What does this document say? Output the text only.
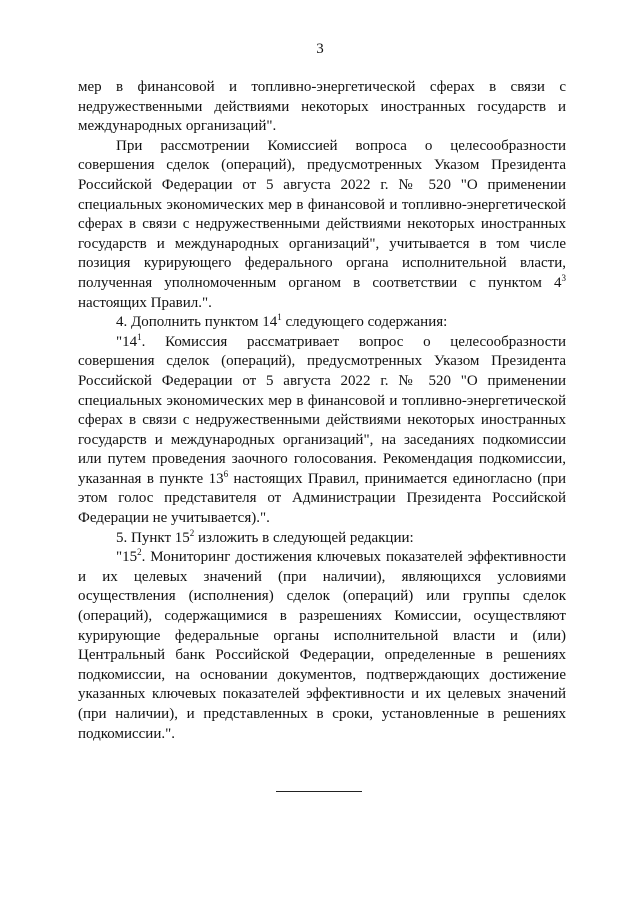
3

мер в финансовой и топливно-энергетической сферах в связи с недружественными действиями некоторых иностранных государств и международных организаций".

При рассмотрении Комиссией вопроса о целесообразности совершения сделок (операций), предусмотренных Указом Президента Российской Федерации от 5 августа 2022 г. № 520 "О применении специальных экономических мер в финансовой и топливно-энергетической сферах в связи с недружественными действиями некоторых иностранных государств и международных организаций", учитывается в том числе позиция курирующего федерального органа исполнительной власти, полученная уполномоченным органом в соответствии с пунктом $4^3$ настоящих Правил.".

4. Дополнить пунктом $14^1$ следующего содержания:

"$14^1$. Комиссия рассматривает вопрос о целесообразности совершения сделок (операций), предусмотренных Указом Президента Российской Федерации от 5 августа 2022 г. № 520 "О применении специальных экономических мер в финансовой и топливно-энергетической сферах в связи с недружественными действиями некоторых иностранных государств и международных организаций", на заседаниях подкомиссии или путем проведения заочного голосования. Рекомендация подкомиссии, указанная в пункте $13^6$ настоящих Правил, принимается единогласно (при этом голос представителя от Администрации Президента Российской Федерации не учитывается).".

5. Пункт $15^2$ изложить в следующей редакции:

"$15^2$. Мониторинг достижения ключевых показателей эффективности и их целевых значений (при наличии), являющихся условиями осуществления (исполнения) сделок (операций) или группы сделок (операций), содержащимися в разрешениях Комиссии, осуществляют курирующие федеральные органы исполнительной власти и (или) Центральный банк Российской Федерации, определенные в решениях подкомиссии, на основании документов, подтверждающих достижение указанных ключевых показателей эффективности и их целевых значений (при наличии), и представленных в сроки, установленные в решениях подкомиссии.".
